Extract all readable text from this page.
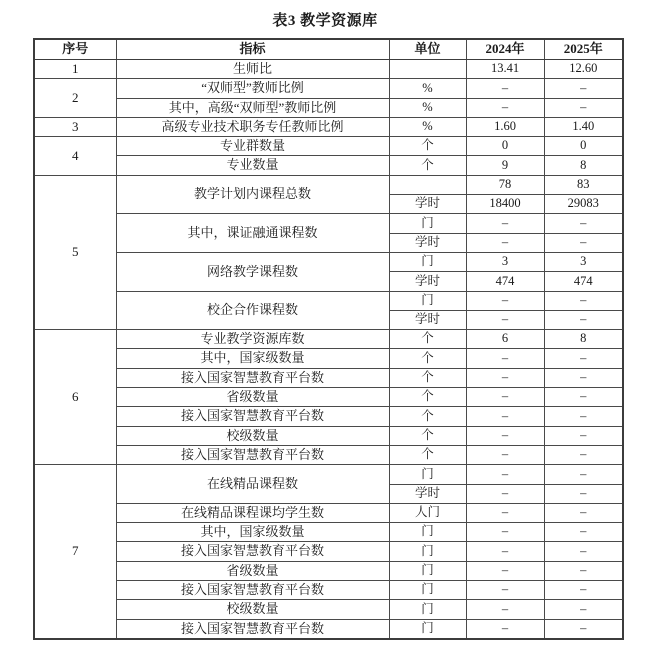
表3 教学资源库
序号	指标	单位	2024年	2025年
1	生师比		13.41	12.60
2	“双师型”教师比例	%	–	–
	其中，高级“双师型”教师比例	%	–	–
3	高级专业技术职务专任教师比例	%	1.60	1.40
4	专业群数量	个	0	0
	专业数量	个	9	8
5	教学计划内课程总数		78	83
		学时	18400	29083
	其中，课证融通课程数	门	–	–
		学时	–	–
	网络教学课程数	门	3	3
		学时	474	474
	校企合作课程数	门	–	–
		学时	–	–
6	专业教学资源库数	个	6	8
	其中，国家级数量	个	–	–
	接入国家智慧教育平台数	个	–	–
	省级数量	个	–	–
	接入国家智慧教育平台数	个	–	–
	校级数量	个	–	–
	接入国家智慧教育平台数	个	–	–
7	在线精品课程数	门	–	–
		学时	–	–
	在线精品课程课均学生数	人门	–	–
	其中，国家级数量	门	–	–
	接入国家智慧教育平台数	门	–	–
	省级数量	门	–	–
	接入国家智慧教育平台数	门	–	–
	校级数量	门	–	–
	接入国家智慧教育平台数	门	–	–
